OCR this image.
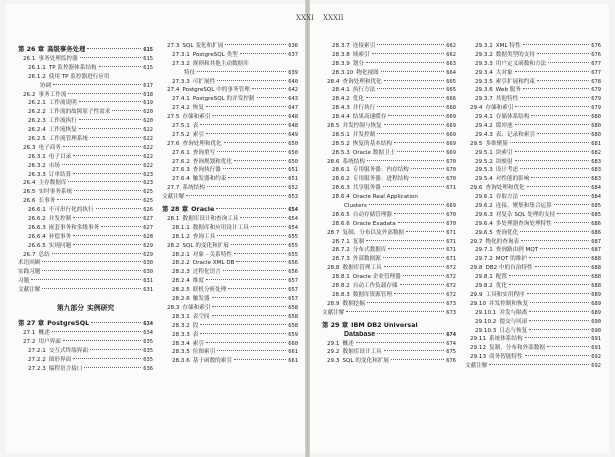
XXXI XXXII
第 26 章 高级事务处理	615
26.1 事务处理监控器	615
26.1.1 TP 监控器体系结构	615
26.1.2 使用 TP 监控器进行应用
协调	617
26.2 事务工作流	618
26.2.1 工作流说明	619
26.2.2 工作流的故障原子性需求	620
26.2.3 工作流执行	620
26.2.4 工作流恢复	622
26.2.5 工作流管理系统	622
26.3 电子商务	622
26.3.1 电子目录	622
26.3.2 市场	622
26.3.3 订单结算	623
26.4 主存数据库	623
26.5 实时事务系统	625
26.6 长事务	625
26.6.1 不可串行化的执行	626
26.6.2 并发控制	627
26.6.3 嵌套事务和多级事务	627
26.6.4 补偿事务	628
26.6.5 实现问题	629
26.7 总结	629
术语回顾	630
实践习题	630
习题	631
文献注解	631
第九部分 实例研究
第 27 章 PostgreSQL	634
27.1 概述	634
27.2 用户界面	635
27.2.1 交互式终端界面	635
27.2.2 图形界面	635
27.2.3 编程语言接口	636
27.3 SQL 变化和扩展	636
27.3.1 PostgreSQL 类型	637
27.3.2 规则和其他主动数据库
特征	639
27.3.3 可扩展性	640
27.4 PostgreSQL 中的事务管理	642
27.4.1 PostgreSQL 的并发控制	643
27.4.2 恢复	647
27.5 存储和索引	648
27.5.1 表	648
27.5.2 索引	649
27.6 查询处理和优化	650
27.6.1 查询重写	650
27.6.2 查询规划和优化	650
27.6.3 查询执行器	651
27.6.4 触发器和约束	651
27.7 系统结构	652
文献注解	653
第 28 章 Oracle	654
28.1 数据库设计和查询工具	654
28.1.1 数据库和应用设计工具	654
28.1.2 查询工具	655
28.2 SQL 的变化和扩展	655
28.2.1 对象 - 关系特性	655
28.2.2 Oracle XML DB	656
28.2.3 过程化语言	656
28.2.4 维度	657
28.2.5 联机分析处理	657
28.2.6 触发器	657
28.3 存储和索引	658
28.3.1 表空间	658
28.3.2 段	658
28.3.3 表	659
28.3.4 索引	660
28.3.5 位图索引	661
28.3.6 基于函数的索引	661
28.3.7 连接索引	662
28.3.8 域索引	662
28.3.9 划分	663
28.3.10 物化视图	664
28.4 查询处理和优化	665
28.4.1 执行方法	665
28.4.2 优化	666
28.4.3 并行执行	668
28.4.4 结果高速缓存	669
28.5 并发控制与恢复	669
28.5.1 并发控制	669
28.5.2 恢复的基本结构	669
28.5.3 Oracle 数据卫士	669
28.6 系统结构	670
28.6.1 专用服务器：内存结构	670
28.6.2 专用服务器：进程结构	670
28.6.3 共享服务器	671
28.6.4 Oracle Real Application
Clusters	669
28.6.5 自动存储管理器	670
28.6.6 Oracle Exadata	670
28.7 复制、分布以及外部数据	671
28.7.1 复制	671
28.7.2 分布式数据库	671
28.7.3 外部数据源	671
28.8 数据库管理工具	672
28.8.1 Oracle 企业管理器	672
28.8.2 自动工作负载存储	672
28.8.3 数据库资源管理	672
28.9 数据挖掘	673
文献注解	673
第 29 章 IBM DB2 Universal
Database	674
29.1 概述	674
29.2 数据库设计工具	675
29.3 SQL 的变化和扩展	676
29.3.1 XML 特性	676
29.3.2 数据类型的支持	676
29.3.3 用户定义函数和方法	677
29.3.4 大对象	677
29.3.5 索引扩展和约束	678
29.3.6 Web 服务	679
29.3.7 其他特性	679
29.4 存储和索引	679
29.4.1 存储体系结构	680
29.4.2 缓冲池	680
29.4.3 表、记录和索引	680
29.5 多维聚簇	681
29.5.1 块索引	682
29.5.2 块映射	683
29.5.3 设计考虑	683
29.5.4 对性能的影响	683
29.6 查询处理和优化	684
29.6.1 存取方法	684
29.6.2 连接、聚集和集合运算	685
29.6.3 对复杂 SQL 处理的支持	685
29.6.4 多处理器查询处理特性	686
29.6.5 查询优化	686
29.7 物化的查询表	687
29.7.1 查询路由到 MQT	687
29.7.2 MQT 的维护	688
29.8 DB2 中的自治特性	688
29.8.1 配置	688
29.8.2 优化	688
29.9 工具和实用程序	689
29.10 并发控制和恢复	689
29.10.1 并发与隔离	689
29.10.2 提交与回滚	690
29.10.3 日志与恢复	690
29.11 系统体系结构	691
29.12 复制、分布和外部数据	691
29.13 商务智能特性	692
文献注解	692
